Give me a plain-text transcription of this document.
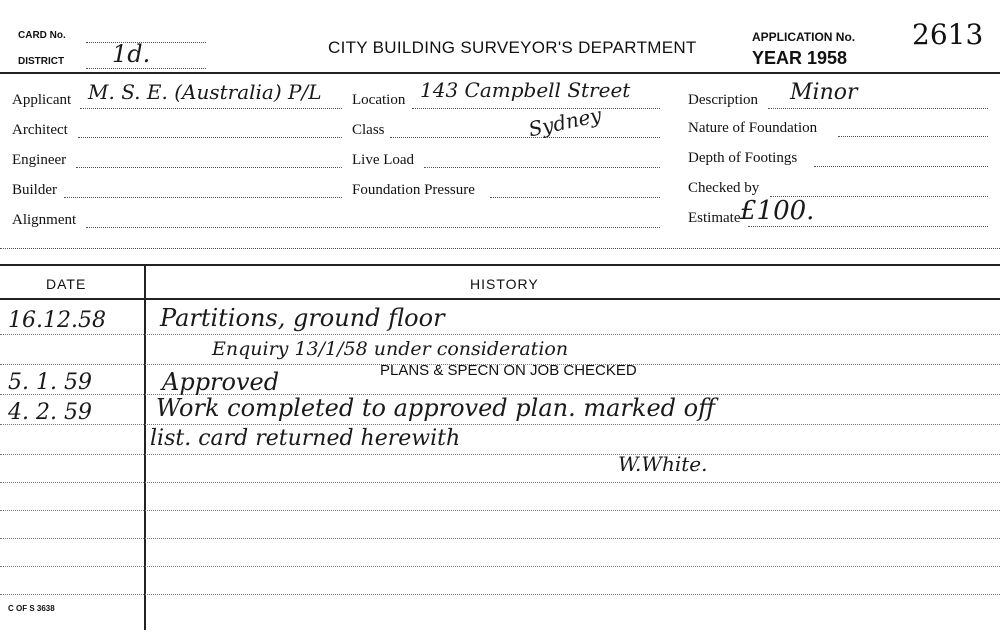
CARD No.
DISTRICT 1d.	CITY BUILDING SURVEYOR'S DEPARTMENT
APPLICATION No. 2613
YEAR 1958
Applicant M. S. E. (Australia) P/L
Architect
Engineer
Builder
Alignment
Location 143 Campbell Street
Class	Sydney
Live Load
Foundation Pressure
Description Minor
Nature of Foundation
Depth of Footings
Checked by
Estimate £100.
DATE	HISTORY
16.12.58 Partitions, ground floor
Enquiry 13/1/58 under consideration
PLANS & SPECN ON JOB CHECKED
5. 1. 59	Approved
4. 2. 59	Work completed to approved plan. marked off
list. card returned herewith
W.White.
C OF S 3638
